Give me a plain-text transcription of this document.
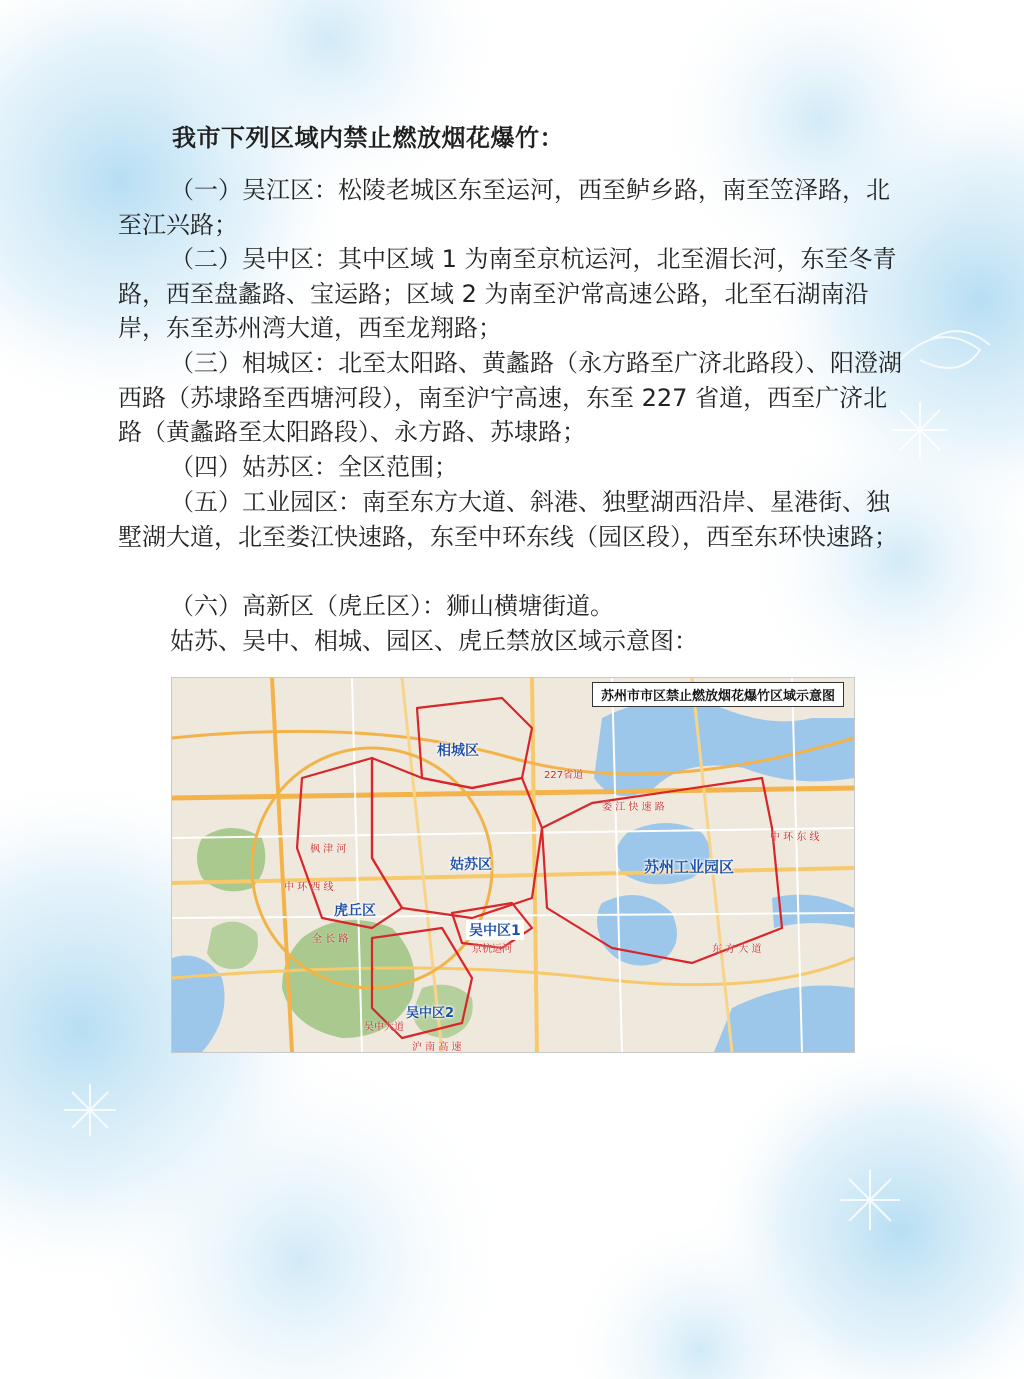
我市下列区域内禁止燃放烟花爆竹：

（一）吴江区：松陵老城区东至运河，西至鲈乡路，南至笠泽路，北至江兴路；

（二）吴中区：其中区域 1 为南至京杭运河，北至湄长河，东至冬青路，西至盘蠡路、宝运路；区域 2 为南至沪常高速公路，北至石湖南沿岸，东至苏州湾大道，西至龙翔路；

（三）相城区：北至太阳路、黄蠡路（永方路至广济北路段）、阳澄湖西路（苏埭路至西塘河段），南至沪宁高速，东至 227 省道，西至广济北路（黄蠡路至太阳路段）、永方路、苏埭路；

（四）姑苏区：全区范围；

（五）工业园区：南至东方大道、斜港、独墅湖西沿岸、星港街、独墅湖大道，北至娄江快速路，东至中环东线（园区段），西至东环快速路；

（六）高新区（虎丘区）：狮山横塘街道。

姑苏、吴中、相城、园区、虎丘禁放区域示意图：

苏州市市区禁止燃放烟花爆竹区域示意图
相城区
姑苏区	苏州工业园区
虎丘区
吴中区1
吴中区2
227省道
娄 江 快 速 路
东 方 大 道
中 环 东 线
中 环 西 线
京杭运河
吴中大道
枫 津 河
全 长 路
沪 南 高 速
